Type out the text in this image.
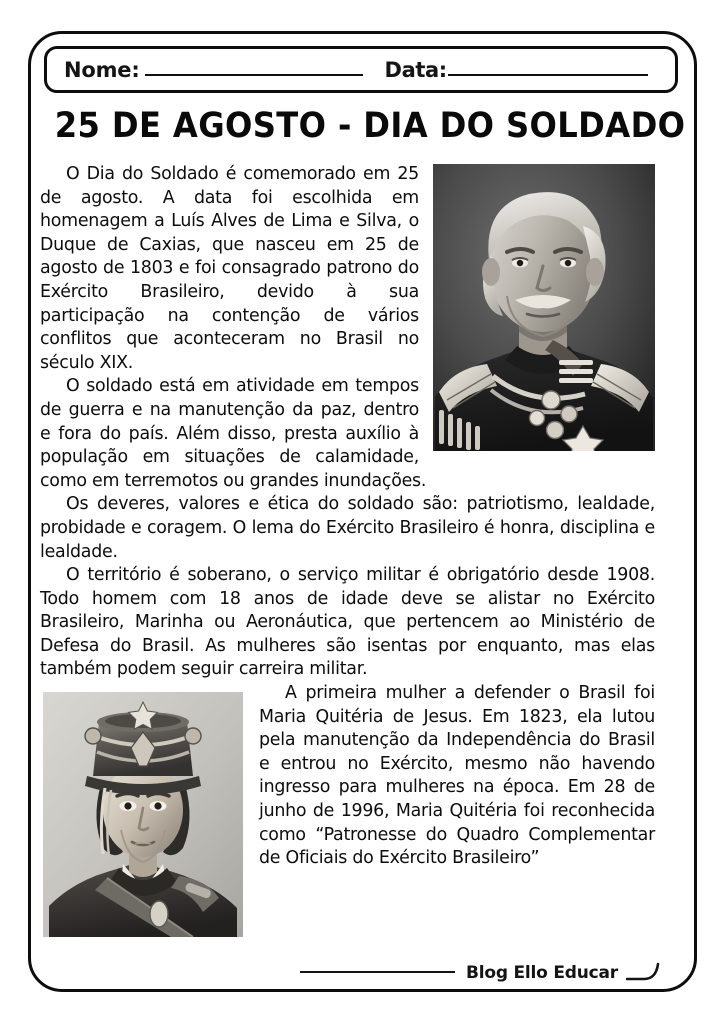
Nome:	Data:
25 DE AGOSTO - DIA DO SOLDADO

O Dia do Soldado é comemorado em 25 de agosto. A data foi escolhida em homenagem a Luís Alves de Lima e Silva, o Duque de Caxias, que nasceu em 25 de agosto de 1803 e foi consagrado patrono do Exército Brasileiro, devido à sua participação na contenção de vários conflitos que aconteceram no Brasil no século XIX.

O soldado está em atividade em tempos de guerra e na manutenção da paz, dentro e fora do país. Além disso, presta auxílio à população em situações de calamidade, como em terremotos ou grandes inundações.

Os deveres, valores e ética do soldado são: patriotismo, lealdade, probidade e coragem. O lema do Exército Brasileiro é honra, disciplina e lealdade.

O território é soberano, o serviço militar é obrigatório desde 1908. Todo homem com 18 anos de idade deve se alistar no Exército Brasileiro, Marinha ou Aeronáutica, que pertencem ao Ministério de Defesa do Brasil. As mulheres são isentas por enquanto, mas elas também podem seguir carreira militar.

A primeira mulher a defender o Brasil foi Maria Quitéria de Jesus. Em 1823, ela lutou pela manutenção da Independência do Brasil e entrou no Exército, mesmo não havendo ingresso para mulheres na época. Em 28 de junho de 1996, Maria Quitéria foi reconhecida como “Patronesse do Quadro Complementar de Oficiais do Exército Brasileiro”

Blog Ello Educar
